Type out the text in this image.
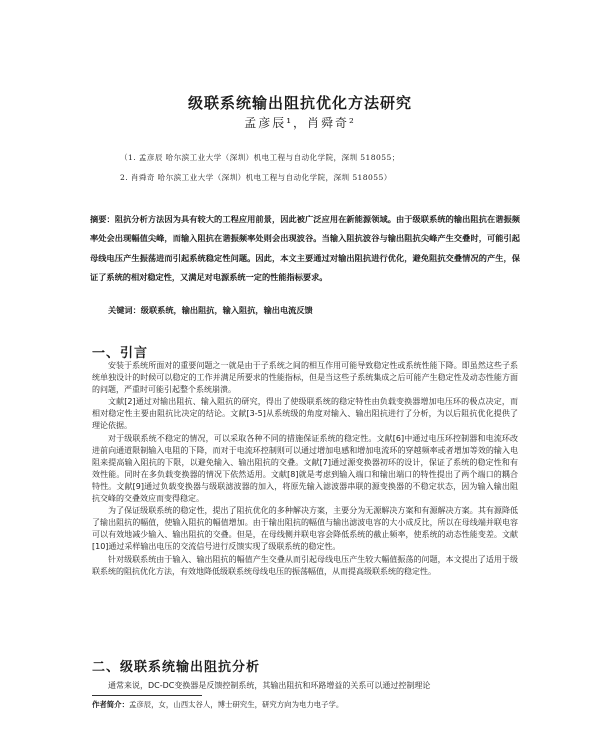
级联系统输出阻抗优化方法研究
孟彦辰¹，肖舜奇²
（1. 孟彦辰 哈尔滨工业大学（深圳）机电工程与自动化学院，深圳 518055；
2. 肖舜奇 哈尔滨工业大学（深圳）机电工程与自动化学院，深圳 518055）
摘要：阻抗分析方法因为具有较大的工程应用前景，因此被广泛应用在新能源领域。由于级联系统的输出阻抗在谐振频率处会出现幅值尖峰，而输入阻抗在谐振频率处则会出现波谷。当输入阻抗波谷与输出阻抗尖峰产生交叠时，可能引起母线电压产生振荡进而引起系统稳定性问题。因此，本文主要通过对输出阻抗进行优化，避免阻抗交叠情况的产生，保证了系统的相对稳定性，又满足对电源系统一定的性能指标要求。
关键词：级联系统，输出阻抗，输入阻抗，输出电流反馈
一、引言

安装于系统所面对的重要问题之一就是由于子系统之间的相互作用可能导致稳定性或系统性能下降。即虽然这些子系统单独设计的时候可以稳定的工作并满足所要求的性能指标，但是当这些子系统集成之后可能产生稳定性及动态性能方面的问题，严重时可能引起整个系统崩溃。

文献[2]通过对输出阻抗、输入阻抗的研究，得出了使级联系统的稳定特性由负载变换器增加电压环的极点决定，而相对稳定性主要由阻抗比决定的结论。文献[3-5]从系统级的角度对输入、输出阻抗进行了分析，为以后阻抗优化提供了理论依据。

对于级联系统不稳定的情况，可以采取各种不同的措施保证系统的稳定性。文献[6]中通过电压环控制器和电流环改进前向通道限制输入电阻的下降，而对于电流环控制则可以通过增加电感和增加电流环的穿越频率或者增加等效的输入电阻来提高输入阻抗的下限，以避免输入、输出阻抗的交叠。文献[7]通过源变换器初环的设计，保证了系统的稳定性和有效性能。同时在多负载变换器的情况下依然适用。文献[8]就是考虑到输入端口和输出端口的特性提出了两个端口的耦合特性。文献[9]通过负载变换器与级联滤波器的加入，将原先输入滤波器串联的源变换器的不稳定状态，因为输入输出阻抗交峰的交叠效应而变得稳定。

为了保证级联系统的稳定性，提出了阻抗优化的多种解决方案，主要分为无源解决方案和有源解决方案。其有源降低了输出阻抗的幅值，使输入阻抗的幅值增加。由于输出阻抗的幅值与输出滤波电容的大小成反比，所以在母线端并联电容可以有效地减少输入、输出阻抗的交叠。但是，在母线侧并联电容会降低系统的截止频率，使系统的动态性能变差。文献[10]通过采样输出电压的交流信号进行反馈实现了级联系统的稳定性。

针对级联系统由于输入、输出阻抗的幅值产生交叠从而引起母线电压产生较大幅值振荡的问题，本文提出了适用于级联系统的阻抗优化方法，有效地降低级联系统母线电压的振荡幅值，从而提高级联系统的稳定性。

二、级联系统输出阻抗分析
通常来说，DC-DC变换器是反馈控制系统，其输出阻抗和环路增益的关系可以通过控制理论
作者简介：孟彦辰，女，山西太谷人，博士研究生，研究方向为电力电子学。
